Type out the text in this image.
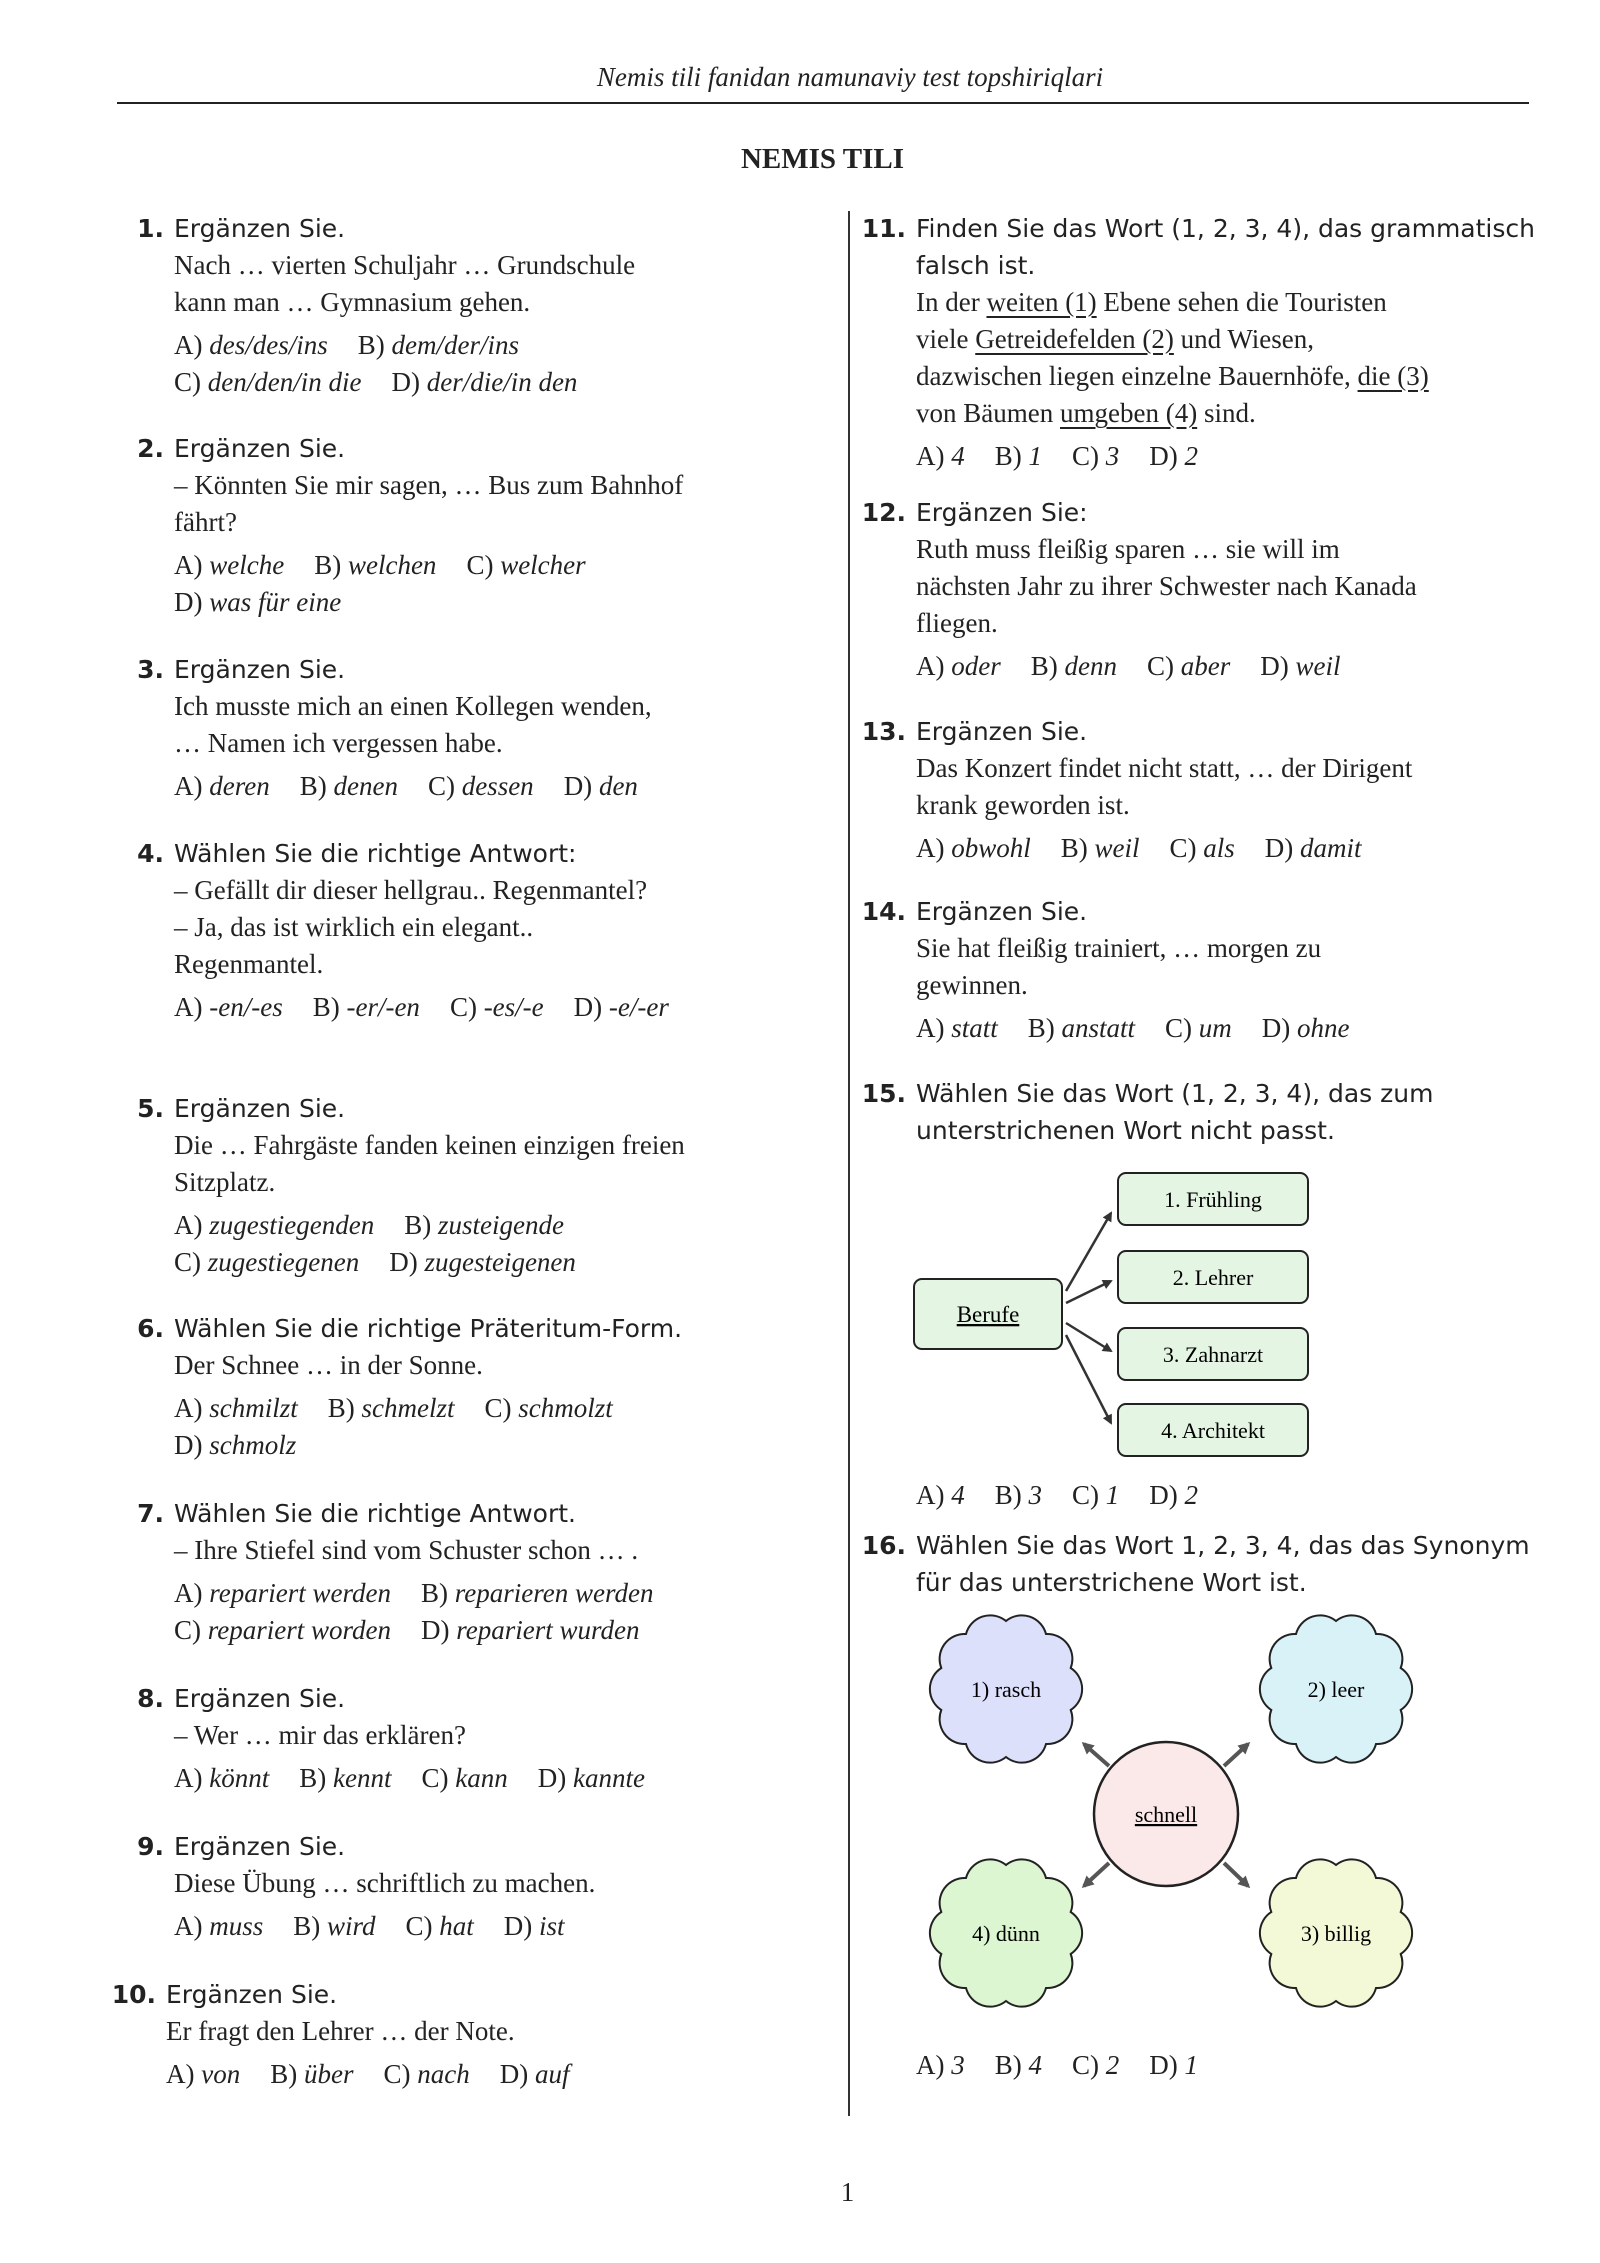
Nemis tili fanidan namunaviy test topshiriqlari
NEMIS TILI
1. Ergänzen Sie.
Nach … vierten Schuljahr … Grundschule
kann man … Gymnasium gehen.
A) des/des/ins B) dem/der/ins
C) den/den/in die D) der/die/in den
2. Ergänzen Sie.
– Könnten Sie mir sagen, … Bus zum Bahnhof
fährt?
A) welche B) welchen C) welcher
D) was für eine
3. Ergänzen Sie.
Ich musste mich an einen Kollegen wenden,
… Namen ich vergessen habe.
A) deren B) denen C) dessen D) den
4. Wählen Sie die richtige Antwort:
– Gefällt dir dieser hellgrau.. Regenmantel?
– Ja, das ist wirklich ein elegant..
Regenmantel.
A) -en/-es B) -er/-en C) -es/-e D) -e/-er
5. Ergänzen Sie.
Die … Fahrgäste fanden keinen einzigen freien
Sitzplatz.
A) zugestiegenden B) zusteigende
C) zugestiegenen D) zugesteigenen
6. Wählen Sie die richtige Präteritum-Form.
Der Schnee … in der Sonne.
A) schmilzt B) schmelzt C) schmolzt
D) schmolz
7. Wählen Sie die richtige Antwort.
– Ihre Stiefel sind vom Schuster schon … .
A) repariert werden B) reparieren werden
C) repariert worden D) repariert wurden
8. Ergänzen Sie.
– Wer … mir das erklären?
A) könnt B) kennt C) kann D) kannte
9. Ergänzen Sie.
Diese Übung … schriftlich zu machen.
A) muss B) wird C) hat D) ist
10. Ergänzen Sie.
Er fragt den Lehrer … der Note.
A) von B) über C) nach D) auf
11. Finden Sie das Wort (1, 2, 3, 4), das grammatisch
falsch ist.
In der weiten (1) Ebene sehen die Touristen
viele Getreidefelden (2) und Wiesen,
dazwischen liegen einzelne Bauernhöfe, die (3)
von Bäumen umgeben (4) sind.
A) 4 B) 1 C) 3 D) 2
12. Ergänzen Sie:
Ruth muss fleißig sparen … sie will im
nächsten Jahr zu ihrer Schwester nach Kanada
fliegen.
A) oder B) denn C) aber D) weil
13. Ergänzen Sie.
Das Konzert findet nicht statt, … der Dirigent
krank geworden ist.
A) obwohl B) weil C) als D) damit
14. Ergänzen Sie.
Sie hat fleißig trainiert, … morgen zu
gewinnen.
A) statt B) anstatt C) um D) ohne
15. Wählen Sie das Wort (1, 2, 3, 4), das zum
unterstrichenen Wort nicht passt.
Berufe
1. Frühling
2. Lehrer
3. Zahnarzt
4. Architekt
A) 4 B) 3 C) 1 D) 2
16. Wählen Sie das Wort 1, 2, 3, 4, das das Synonym
für das unterstrichene Wort ist.
schnell
1) rasch	2) leer
3) billig
4) dünn
A) 3 B) 4 C) 2 D) 1
1
